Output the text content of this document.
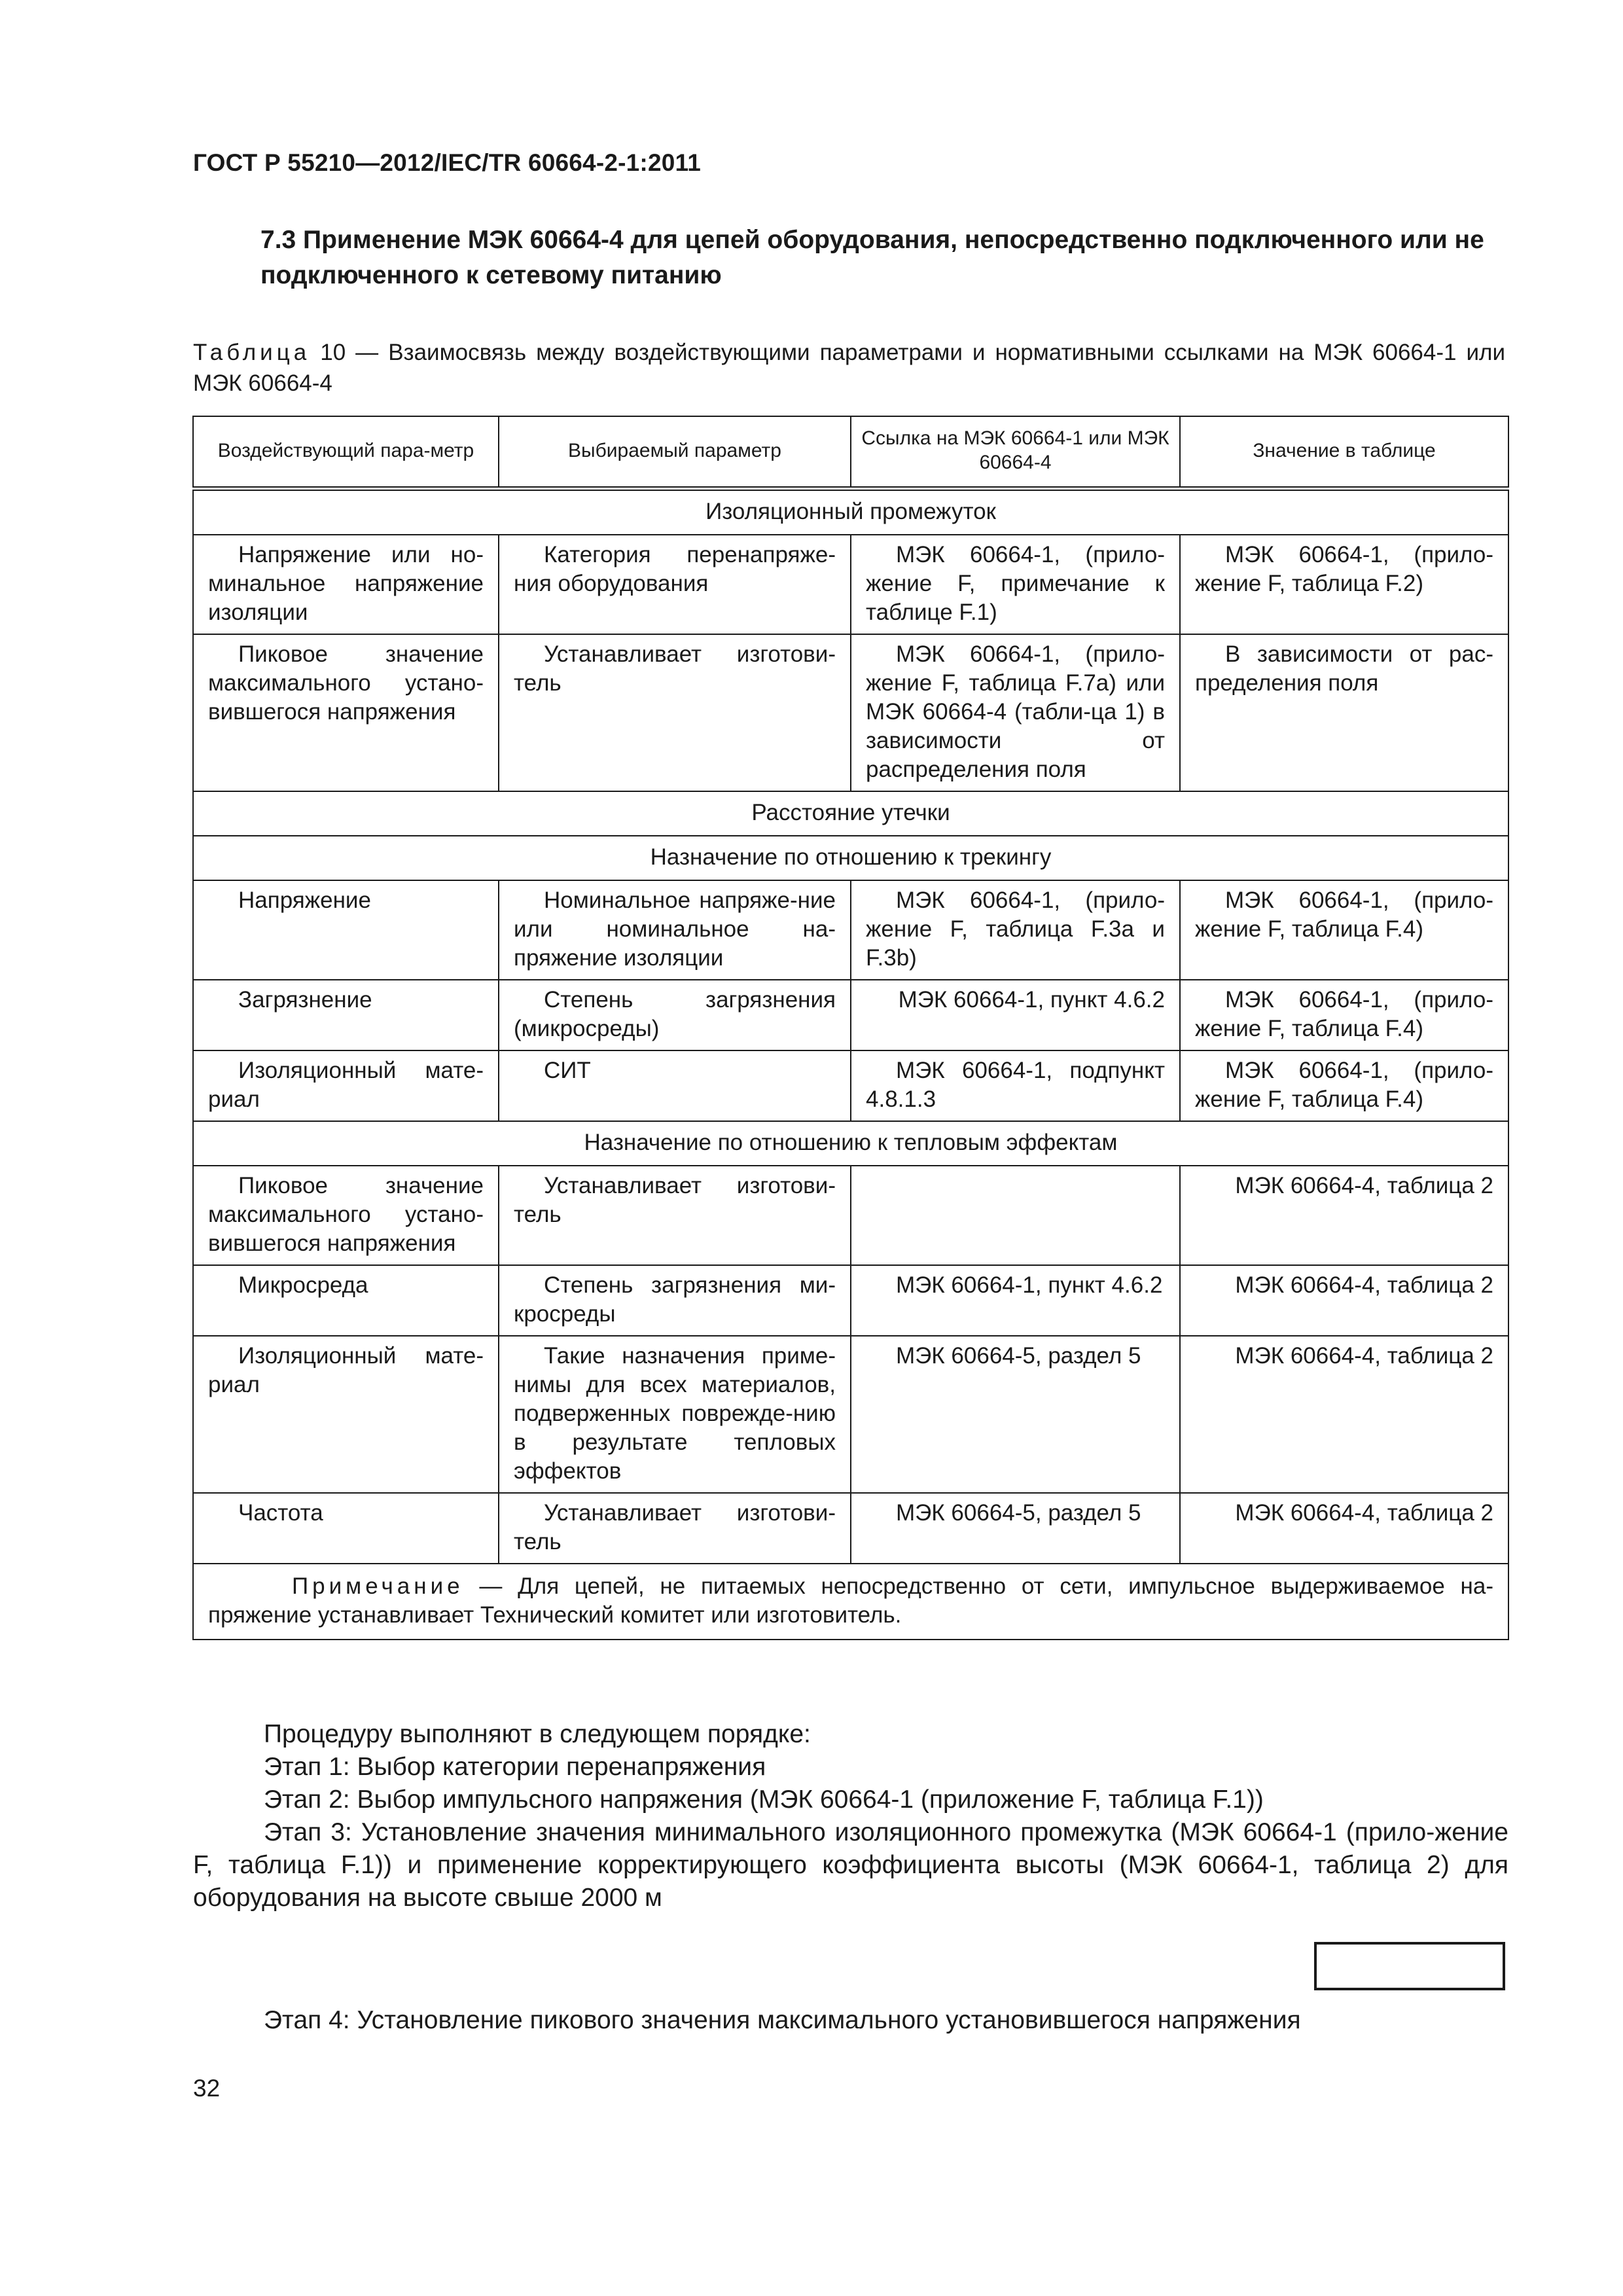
ГОСТ Р 55210—2012/IEC/TR 60664-2-1:2011
7.3 Применение МЭК 60664-4 для цепей оборудования, непосредственно подключенного или не подключенного к сетевому питанию
Таблица 10 — Взаимосвязь между воздействующими параметрами и нормативными ссылками на МЭК 60664-1 или МЭК 60664-4
Воздействующий пара-метр	Выбираемый параметр	Ссылка на МЭК 60664-1 или МЭК 60664-4	Значение в таблице
Изоляционный промежуток			
Напряжение или но-минальное напряжение изоляции	Категория перенапряже-ния оборудования	МЭК 60664-1, (прило-жение F, примечание к таблице F.1)	МЭК 60664-1, (прило-жение F, таблица F.2)
Пиковое значение максимального устано-вившегося напряжения	Устанавливает изготови-тель	МЭК 60664-1, (прило-жение F, таблица F.7а) или МЭК 60664-4 (табли-ца 1) в зависимости от распределения поля	В зависимости от рас-пределения поля
Расстояние утечки			
Назначение по отношению к трекингу			
Напряжение	Номинальное напряже-ние или номинальное на-пряжение изоляции	МЭК 60664-1, (прило-жение F, таблица F.3а и F.3b)	МЭК 60664-1, (прило-жение F, таблица F.4)
Загрязнение	Степень загрязнения (микросреды)	МЭК 60664-1, пункт 4.6.2	МЭК 60664-1, (прило-жение F, таблица F.4)
Изоляционный мате-риал	СИТ	МЭК 60664-1, подпункт 4.8.1.3	МЭК 60664-1, (прило-жение F, таблица F.4)
Назначение по отношению к тепловым эффектам			
Пиковое значение максимального устано-вившегося напряжения	Устанавливает изготови-тель		МЭК 60664-4, таблица 2
Микросреда	Степень загрязнения ми-кросреды	МЭК 60664-1, пункт 4.6.2	МЭК 60664-4, таблица 2
Изоляционный мате-риал	Такие назначения приме-нимы для всех материалов, подверженных поврежде-нию в результате тепловых эффектов	МЭК 60664-5, раздел 5	МЭК 60664-4, таблица 2
Частота	Устанавливает изготови-тель	МЭК 60664-5, раздел 5	МЭК 60664-4, таблица 2
Примечание — Для цепей, не питаемых непосредственно от сети, импульсное выдерживаемое на-пряжение устанавливает Технический комитет или изготовитель.			
Процедуру выполняют в следующем порядке:
Этап 1: Выбор категории перенапряжения
Этап 2: Выбор импульсного напряжения (МЭК 60664-1 (приложение F, таблица F.1))
Этап 3: Установление значения минимального изоляционного промежутка (МЭК 60664-1 (прило-жение F, таблица F.1)) и применение корректирующего коэффициента высоты (МЭК 60664-1, таблица 2) для оборудования на высоте свыше 2000 м
Этап 4: Установление пикового значения максимального установившегося напряжения
32
